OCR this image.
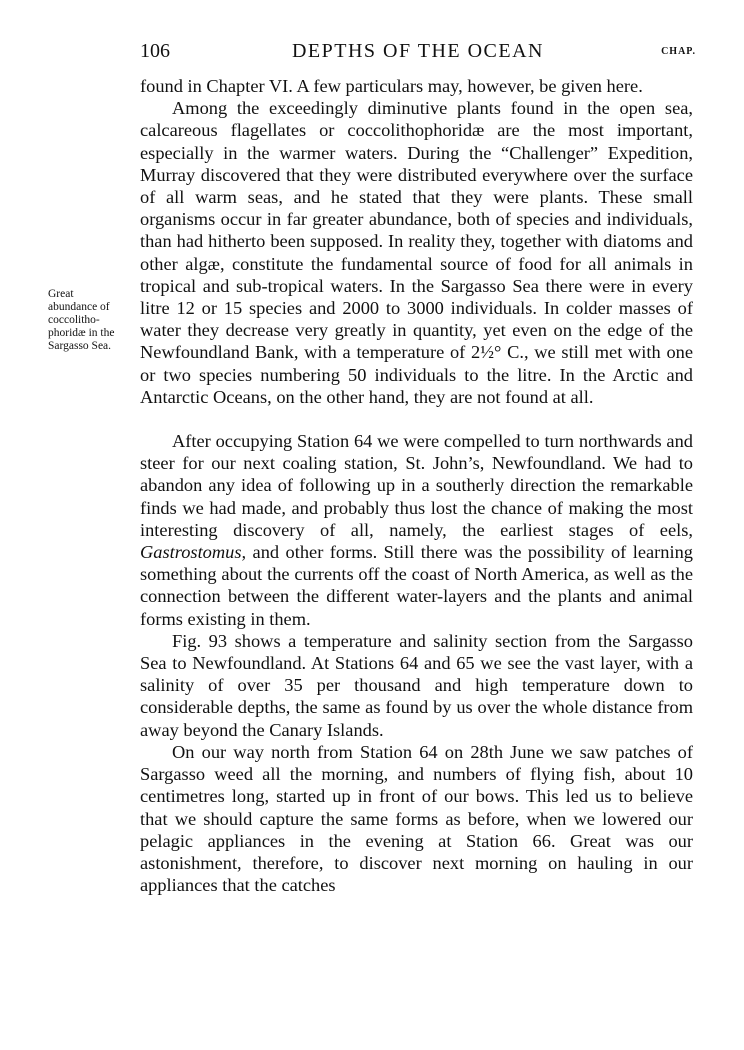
106	DEPTHS OF THE OCEAN	CHAP.
Great
abundance of
coccolitho-
phoridæ in the
Sargasso Sea.

found in Chapter VI. A few particulars may, however, be given here.

Among the exceedingly diminutive plants found in the open sea, calcareous flagellates or coccolithophoridæ are the most important, especially in the warmer waters. During the “Challenger” Expedition, Murray discovered that they were distributed everywhere over the surface of all warm seas, and he stated that they were plants. These small organisms occur in far greater abundance, both of species and individuals, than had hitherto been supposed. In reality they, together with diatoms and other algæ, constitute the fundamental source of food for all animals in tropical and sub-tropical waters. In the Sargasso Sea there were in every litre 12 or 15 species and 2000 to 3000 individuals. In colder masses of water they decrease very greatly in quantity, yet even on the edge of the Newfoundland Bank, with a temperature of 2½° C., we still met with one or two species numbering 50 individuals to the litre. In the Arctic and Antarctic Oceans, on the other hand, they are not found at all.

After occupying Station 64 we were compelled to turn northwards and steer for our next coaling station, St. John’s, Newfoundland. We had to abandon any idea of following up in a southerly direction the remarkable finds we had made, and probably thus lost the chance of making the most interesting discovery of all, namely, the earliest stages of eels, Gastrostomus, and other forms. Still there was the possibility of learning something about the currents off the coast of North America, as well as the connection between the different water-layers and the plants and animal forms existing in them.

Fig. 93 shows a temperature and salinity section from the Sargasso Sea to Newfoundland. At Stations 64 and 65 we see the vast layer, with a salinity of over 35 per thousand and high temperature down to considerable depths, the same as found by us over the whole distance from away beyond the Canary Islands.

On our way north from Station 64 on 28th June we saw patches of Sargasso weed all the morning, and numbers of flying fish, about 10 centimetres long, started up in front of our bows. This led us to believe that we should capture the same forms as before, when we lowered our pelagic appliances in the evening at Station 66. Great was our astonishment, therefore, to discover next morning on hauling in our appliances that the catches
